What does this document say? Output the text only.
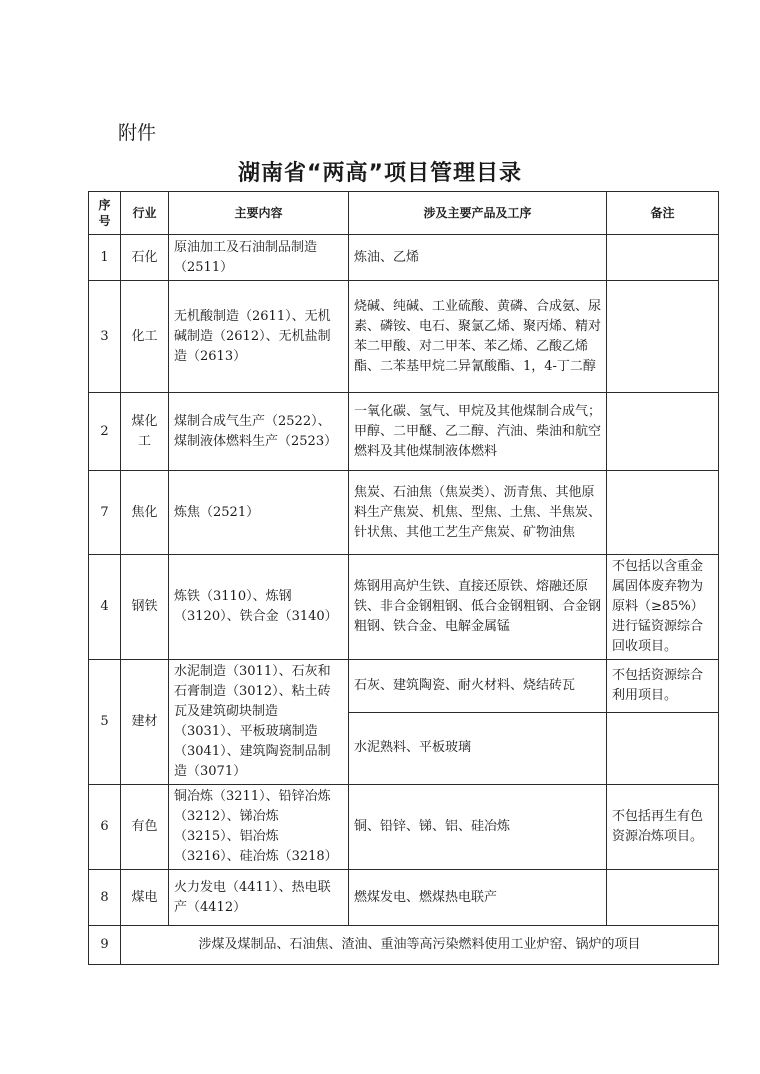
附件
湖南省“两高”项目管理目录
序号	行业	主要内容	涉及主要产品及工序	备注
1	石化	原油加工及石油制品制造（2511）	炼油、乙烯	
3	化工	无机酸制造（2611）、无机碱制造（2612）、无机盐制造（2613）	烧碱、纯碱、工业硫酸、黄磷、合成氨、尿素、磷铵、电石、聚氯乙烯、聚丙烯、精对苯二甲酸、对二甲苯、苯乙烯、乙酸乙烯酯、二苯基甲烷二异氰酸酯、1，4-丁二醇	
2	煤化工	煤制合成气生产（2522）、煤制液体燃料生产（2523）	一氧化碳、氢气、甲烷及其他煤制合成气；甲醇、二甲醚、乙二醇、汽油、柴油和航空燃料及其他煤制液体燃料	
7	焦化	炼焦（2521）	焦炭、石油焦（焦炭类）、沥青焦、其他原料生产焦炭、机焦、型焦、土焦、半焦炭、针状焦、其他工艺生产焦炭、矿物油焦	
4	钢铁	炼铁（3110）、炼钢（3120）、铁合金（3140）	炼钢用高炉生铁、直接还原铁、熔融还原铁、非合金钢粗钢、低合金钢粗钢、合金钢粗钢、铁合金、电解金属锰	不包括以含重金属固体废弃物为原料（≥85%）进行锰资源综合回收项目。
5	建材	水泥制造（3011）、石灰和石膏制造（3012）、粘土砖瓦及建筑砌块制造（3031）、平板玻璃制造（3041）、建筑陶瓷制品制造（3071）	石灰、建筑陶瓷、耐火材料、烧结砖瓦	不包括资源综合利用项目。
			水泥熟料、平板玻璃	
6	有色	铜冶炼（3211）、铅锌冶炼（3212）、锑冶炼（3215）、铝冶炼（3216）、硅冶炼（3218）	铜、铅锌、锑、铝、硅冶炼	不包括再生有色资源冶炼项目。
8	煤电	火力发电（4411）、热电联产（4412）	燃煤发电、燃煤热电联产	
9	涉煤及煤制品、石油焦、渣油、重油等高污染燃料使用工业炉窑、锅炉的项目			
